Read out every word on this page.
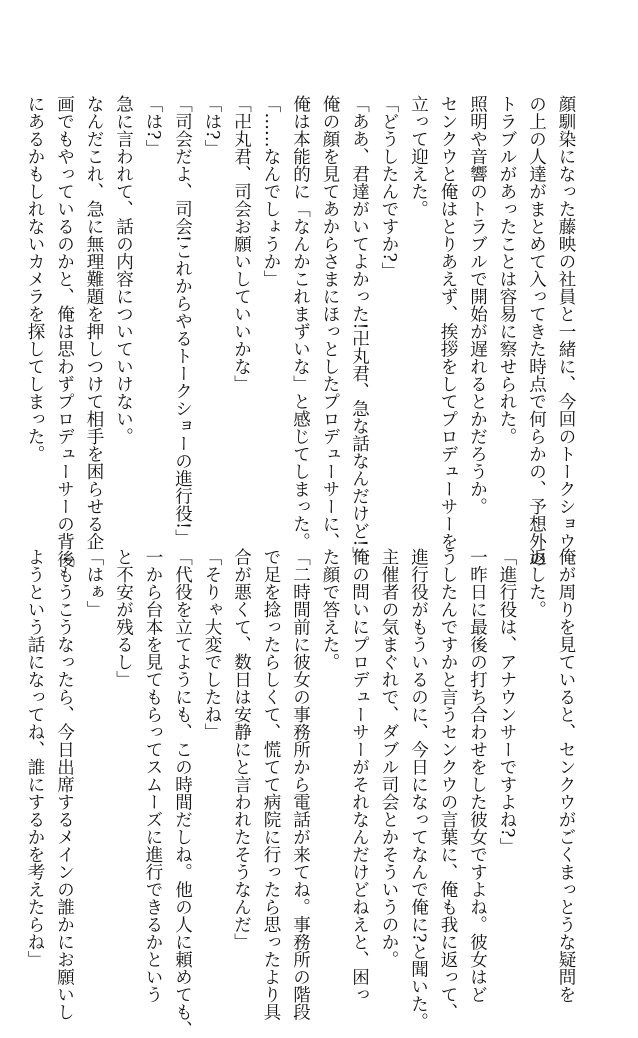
顔馴染になった藤映の社員と一緒に、今回のトークショウ
の上の人達がまとめて入ってきた時点で何らかの、予想外の
トラブルがあったことは容易に察せられた。
照明や音響のトラブルで開始が遅れるとかだろうか。
センクウと俺はとりあえず、挨拶をしてプロデューサーを
立って迎えた。
「どうしたんですか?」
「ああ、君達がいてよかった!卍丸君、急な話なんだけど!」
俺の顔を見てあからさまにほっとしたプロデューサーに、
俺は本能的に「なんかこれまずいな」と感じてしまった。
「……なんでしょうか」
「卍丸君、司会お願いしていいかな」
「は?」
「司会だよ、司会!これからやるトークショーの進行役!」
「は?」
急に言われて、話の内容についていけない。
なんだこれ、急に無理難題を押しつけて相手を困らせる企
画でもやっているのかと、俺は思わずプロデューサーの背後
にあるかもしれないカメラを探してしまった。
俺が周りを見ていると、センクウがごくまっとうな疑問を
返した。
「進行役は、アナウンサーですよね?」
一昨日に最後の打ち合わせをした彼女ですよね。彼女はど
うしたんですかと言うセンクウの言葉に、俺も我に返って、
進行役がもういるのに、今日になってなんで俺に?と聞いた。
主催者の気まぐれで、ダブル司会とかそういうのか。
俺の問いにプロデューサーがそれなんだけどねえと、困っ
た顔で答えた。
「二時間前に彼女の事務所から電話が来てね。事務所の階段
で足を捻ったらしくて、慌てて病院に行ったら思ったより具
合が悪くて、数日は安静にと言われたそうなんだ」
「そりゃ大変でしたね」
「代役を立てようにも、この時間だしね。他の人に頼めても、
一から台本を見てもらってスムーズに進行できるかという
と不安が残るし」
「はぁ」
「もうこうなったら、今日出席するメインの誰かにお願いし
ようという話になってね、誰にするかを考えたらね」
